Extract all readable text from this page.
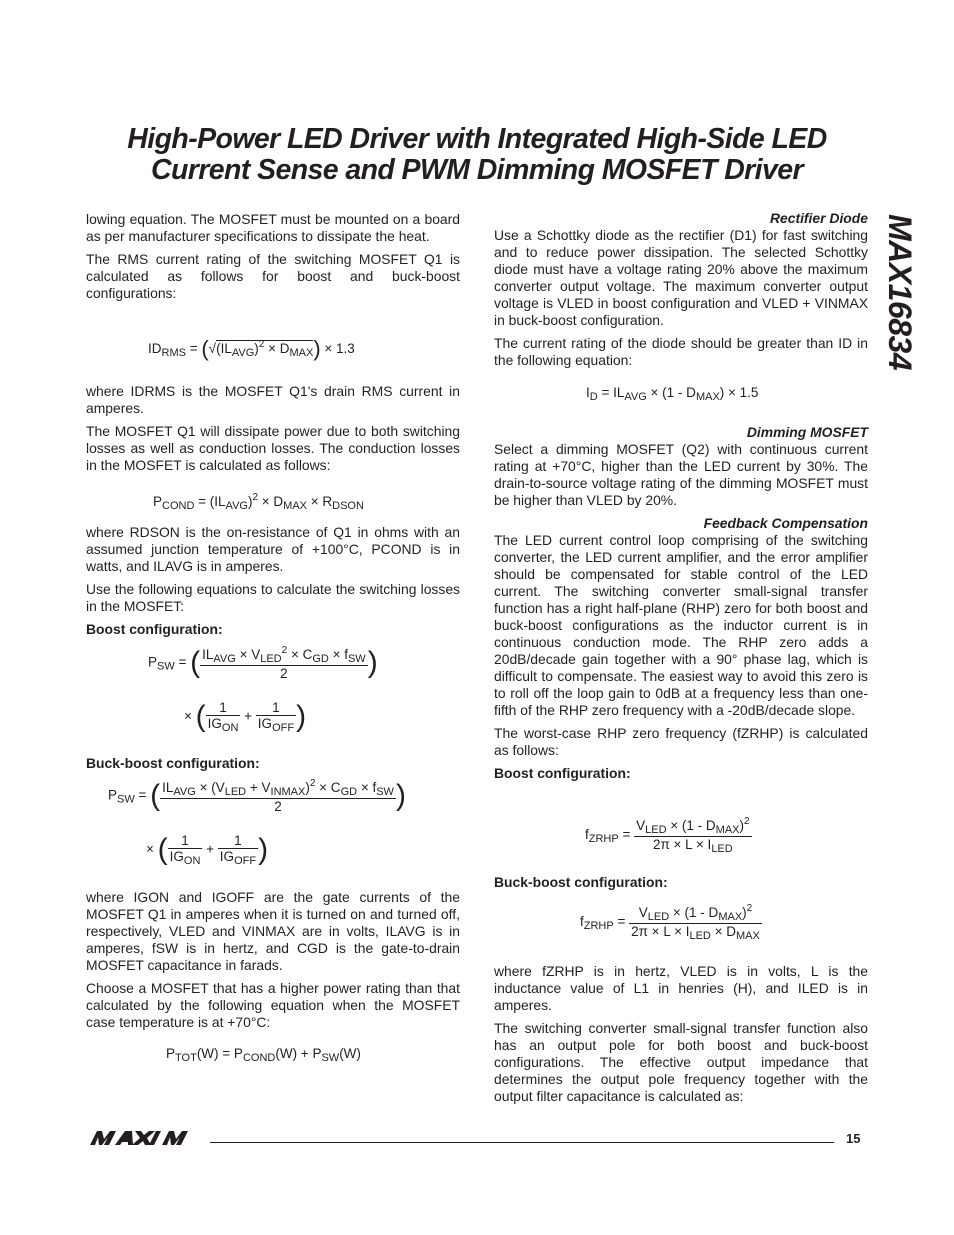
High-Power LED Driver with Integrated High-Side LED
Current Sense and PWM Dimming MOSFET Driver
MAX16834

lowing equation. The MOSFET must be mounted on a board as per manufacturer specifications to dissipate the heat.

The RMS current rating of the switching MOSFET Q1 is calculated as follows for boost and buck-boost configurations:

$ID_{RMS} = (√(IL_{AVG})^2 \times D_{MAX}) \times 1.3$

where IDRMS is the MOSFET Q1's drain RMS current in amperes.

The MOSFET Q1 will dissipate power due to both switching losses as well as conduction losses. The conduction losses in the MOSFET is calculated as follows:

$P_{COND} = (IL_{AVG})^2 \times D_{MAX} \times R_{DSON}$

where RDSON is the on-resistance of Q1 in ohms with an assumed junction temperature of +100°C, PCOND is in watts, and ILAVG is in amperes.

Use the following equations to calculate the switching losses in the MOSFET:

Boost configuration:

$P_{SW}$ = ( $\frac{IL_{AVG} \times V_{LED}^2 \times C_{GD} \times f_{SW}}{2}$ )
× ( $\frac{1}{IG_{ON}} + \frac{1}{IG_{OFF}}$ )

Buck-boost configuration:

$P_{SW}$ = ( $\frac{IL_{AVG} \times (V_{LED} + V_{INMAX})^2 \times C_{GD} \times f_{SW}}{2}$ )
× ( $\frac{1}{IG_{ON}} + \frac{1}{IG_{OFF}}$ )

where IGON and IGOFF are the gate currents of the MOSFET Q1 in amperes when it is turned on and turned off, respectively, VLED and VINMAX are in volts, ILAVG is in amperes, fSW is in hertz, and CGD is the gate-to-drain MOSFET capacitance in farads.

Choose a MOSFET that has a higher power rating than that calculated by the following equation when the MOSFET case temperature is at +70°C:

$P_{TOT}(W) = P_{COND}(W) + P_{SW}(W)$

Rectifier Diode

Use a Schottky diode as the rectifier (D1) for fast switching and to reduce power dissipation. The selected Schottky diode must have a voltage rating 20% above the maximum converter output voltage. The maximum converter output voltage is VLED in boost configuration and VLED + VINMAX in buck-boost configuration.

The current rating of the diode should be greater than ID in the following equation:

$I_D = IL_{AVG} \times (1 - D_{MAX}) \times 1.5$

Dimming MOSFET

Select a dimming MOSFET (Q2) with continuous current rating at +70°C, higher than the LED current by 30%. The drain-to-source voltage rating of the dimming MOSFET must be higher than VLED by 20%.

Feedback Compensation

The LED current control loop comprising of the switching converter, the LED current amplifier, and the error amplifier should be compensated for stable control of the LED current. The switching converter small-signal transfer function has a right half-plane (RHP) zero for both boost and buck-boost configurations as the inductor current is in continuous conduction mode. The RHP zero adds a 20dB/decade gain together with a 90° phase lag, which is difficult to compensate. The easiest way to avoid this zero is to roll off the loop gain to 0dB at a frequency less than one-fifth of the RHP zero frequency with a -20dB/decade slope.

The worst-case RHP zero frequency (fZRHP) is calculated as follows:

Boost configuration:

$f_{ZRHP} = \frac{V_{LED} \times (1 - D_{MAX})^2}{2\pi \times L \times I_{LED}}$

Buck-boost configuration:

$f_{ZRHP} = \frac{V_{LED} \times (1 - D_{MAX})^2}{2\pi \times L \times I_{LED} \times D_{MAX}}$

where fZRHP is in hertz, VLED is in volts, L is the inductance value of L1 in henries (H), and ILED is in amperes.

The switching converter small-signal transfer function also has an output pole for both boost and buck-boost configurations. The effective output impedance that determines the output pole frequency together with the output filter capacitance is calculated as:

MAXIM	15
